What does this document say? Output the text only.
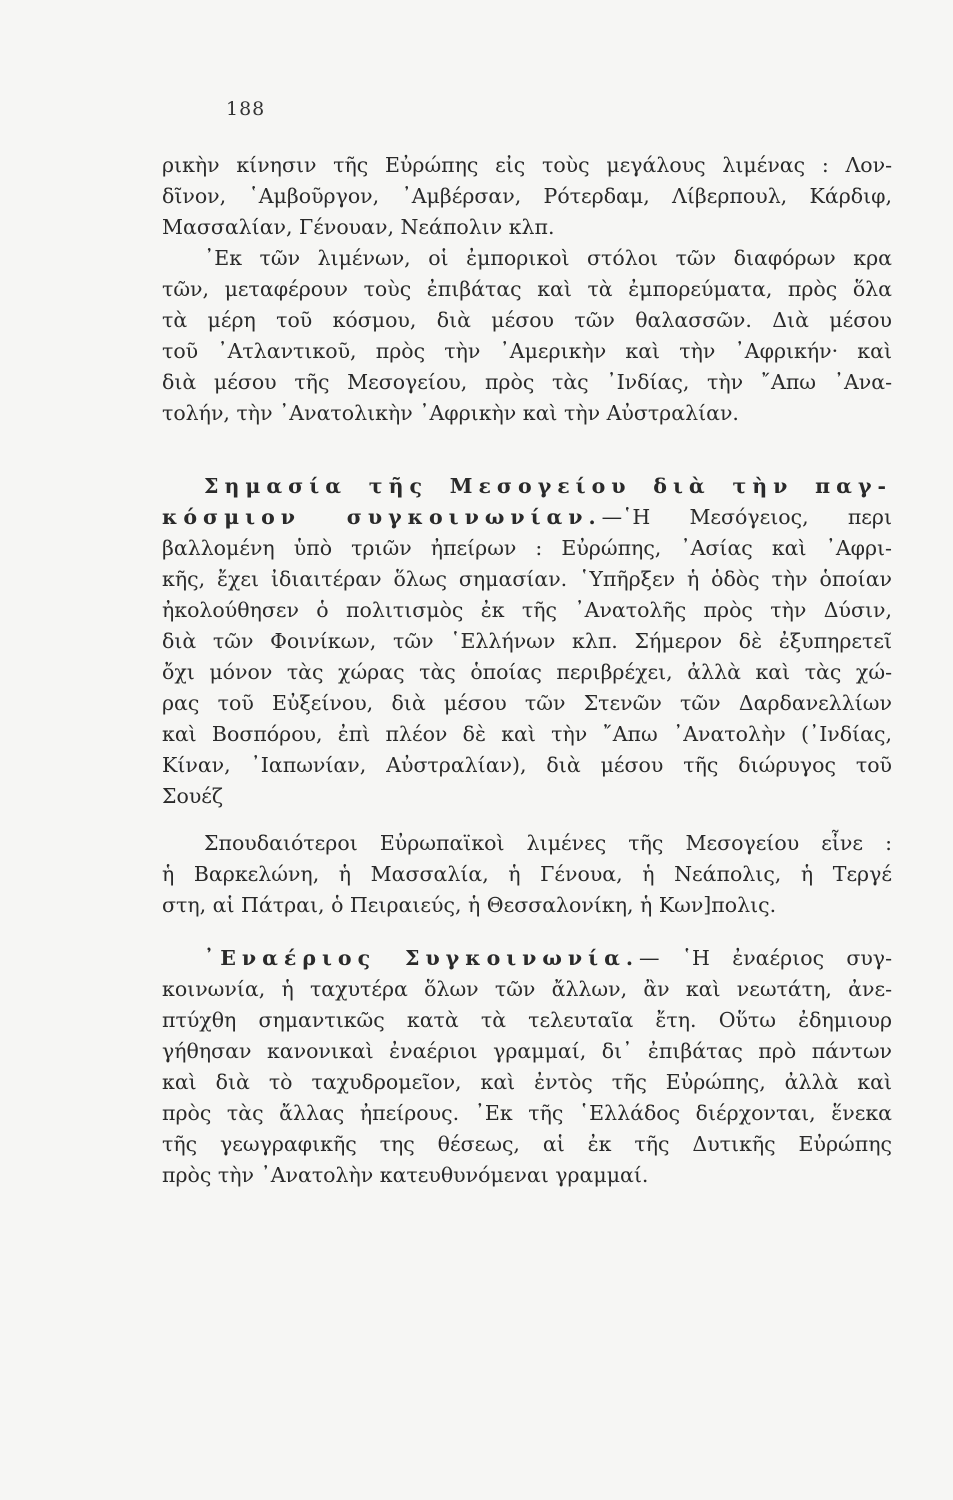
188
ρικὴν κίνησιν τῆς Εὐρώπης εἰς τοὺς μεγάλους λιμένας : Λον-
δῖνον, ῾Αμβοῦργον, ᾿Αμβέρσαν, Ρότερδαμ, Λίβερπουλ, Κάρδιφ,
Μασσαλίαν, Γένουαν, Νεάπολιν κλπ.
᾿Εκ τῶν λιμένων, οἱ ἐμπορικοὶ στόλοι τῶν διαφόρων κρα
τῶν, μεταφέρουν τοὺς ἐπιβάτας καὶ τὰ ἐμπορεύματα, πρὸς ὅλα
τὰ μέρη τοῦ κόσμου, διὰ μέσου τῶν θαλασσῶν. Διὰ μέσου
τοῦ ᾿Ατλαντικοῦ, πρὸς τὴν ᾿Αμερικὴν καὶ τὴν ᾿Αφρικήν· καὶ
διὰ μέσου τῆς Μεσογείου, πρὸς τὰς ᾿Ινδίας, τὴν ῎Απω ᾿Ανα-
τολήν, τὴν ᾿Ανατολικὴν ᾿Αφρικὴν καὶ τὴν Αὐστραλίαν.
Σημασία τῆς Μεσογείου διὰ τὴν παγ-
κόσμιον συγκοινωνίαν.—῾Η Μεσόγειος, περι
βαλλομένη ὑπὸ τριῶν ἠπείρων : Εὐρώπης, ᾿Ασίας καὶ ᾿Αφρι-
κῆς, ἔχει ἰδιαιτέραν ὅλως σημασίαν. ῾Υπῆρξεν ἡ ὁδὸς τὴν ὁποίαν
ἠκολούθησεν ὁ πολιτισμὸς ἐκ τῆς ᾿Ανατολῆς πρὸς τὴν Δύσιν,
διὰ τῶν Φοινίκων, τῶν ῾Ελλήνων κλπ. Σήμερον δὲ ἐξυπηρετεῖ
ὄχι μόνον τὰς χώρας τὰς ὁποίας περιβρέχει, ἀλλὰ καὶ τὰς χώ-
ρας τοῦ Εὐξείνου, διὰ μέσου τῶν Στενῶν τῶν Δαρδανελλίων
καὶ Βοσπόρου, ἐπὶ πλέον δὲ καὶ τὴν ῎Απω ᾿Ανατολὴν (᾿Ινδίας,
Κίναν, ᾿Ιαπωνίαν, Αὐστραλίαν), διὰ μέσου τῆς διώρυγος τοῦ
Σουέζ
Σπουδαιότεροι Εὐρωπαϊκοὶ λιμένες τῆς Μεσογείου εἶνε :
ἡ Βαρκελώνη, ἡ Μασσαλία, ἡ Γένουα, ἡ Νεάπολις, ἡ Τεργέ
στη, αἱ Πάτραι, ὁ Πειραιεύς, ἡ Θεσσαλονίκη, ἡ Κων]πολις.
᾿Εναέριος Συγκοινωνία.— ῾Η ἐναέριος συγ-
κοινωνία, ἡ ταχυτέρα ὅλων τῶν ἄλλων, ἂν καὶ νεωτάτη, ἀνε-
πτύχθη σημαντικῶς κατὰ τὰ τελευταῖα ἔτη. Οὕτω ἐδημιουρ
γήθησαν κανονικαὶ ἐναέριοι γραμμαί, δι᾿ ἐπιβάτας πρὸ πάντων
καὶ διὰ τὸ ταχυδρομεῖον, καὶ ἐντὸς τῆς Εὐρώπης, ἀλλὰ καὶ
πρὸς τὰς ἄλλας ἠπείρους. ᾿Εκ τῆς ῾Ελλάδος διέρχονται, ἕνεκα
τῆς γεωγραφικῆς της θέσεως, αἱ ἐκ τῆς Δυτικῆς Εὐρώπης
πρὸς τὴν ᾿Ανατολὴν κατευθυνόμεναι γραμμαί.
